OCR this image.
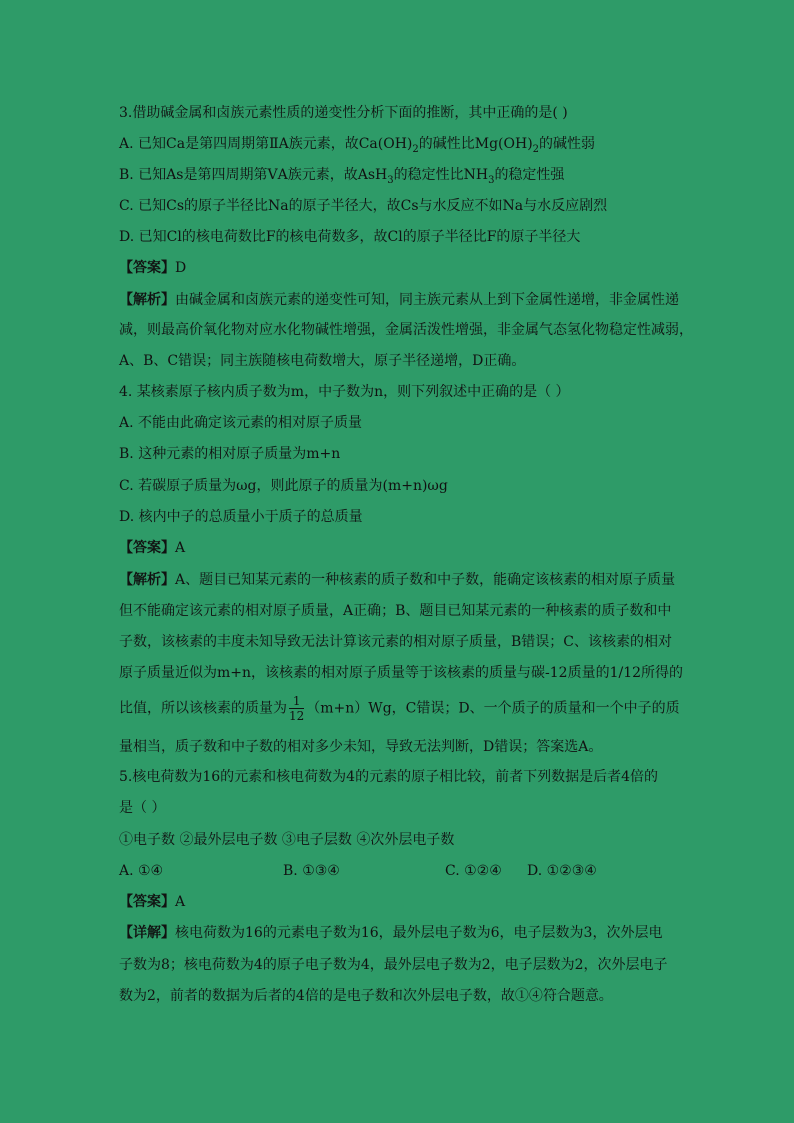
3.借助碱金属和卤族元素性质的递变性分析下面的推断，其中正确的是( )
A. 已知Ca是第四周期第ⅡA族元素，故$Ca(OH)_2$的碱性比$Mg(OH)_2$的碱性弱
B. 已知As是第四周期第ⅤA族元素，故AsH$_3$的稳定性比$NH_3$的稳定性强
C. 已知Cs的原子半径比Na的原子半径大，故Cs与水反应不如Na与水反应剧烈
D. 已知Cl的核电荷数比F的核电荷数多，故Cl的原子半径比F的原子半径大
【答案】D
【解析】由碱金属和卤族元素的递变性可知，同主族元素从上到下金属性递增，非金属性递
减，则最高价氧化物对应水化物碱性增强，金属活泼性增强，非金属气态氢化物稳定性减弱，
A、B、C错误；同主族随核电荷数增大，原子半径递增，D正确。
4. 某核素原子核内质子数为m，中子数为n，则下列叙述中正确的是（ ）
A. 不能由此确定该元素的相对原子质量
B. 这种元素的相对原子质量为m+n
C. 若碳原子质量为ωg，则此原子的质量为(m+n)ωg
D. 核内中子的总质量小于质子的总质量
【答案】A
【解析】A、题目已知某元素的一种核素的质子数和中子数，能确定该核素的相对原子质量
但不能确定该元素的相对原子质量，A正确；B、题目已知某元素的一种核素的质子数和中
子数，该核素的丰度未知导致无法计算该元素的相对原子质量，B错误；C、该核素的相对
原子质量近似为m+n，该核素的相对原子质量等于该核素的质量与碳-12质量的1/12所得的
比值，所以该核素的质量为 $\frac{1}{12} (m+n)Wg$，C错误；D、一个质子的质量和一个中子的质
量相当，质子数和中子数的相对多少未知，导致无法判断，D错误；答案选A。
5.核电荷数为16的元素和核电荷数为4的元素的原子相比较，前者下列数据是后者4倍的
是（ ）
①电子数 ②最外层电子数 ③电子层数 ④次外层电子数
A. ①④	B. ①③④	C. ①②④ D. ①②③④
【答案】A
【详解】核电荷数为16的元素电子数为16，最外层电子数为6，电子层数为3，次外层电
子数为8；核电荷数为4的原子电子数为4，最外层电子数为2，电子层数为2，次外层电子
数为2，前者的数据为后者的4倍的是电子数和次外层电子数，故①④符合题意。
